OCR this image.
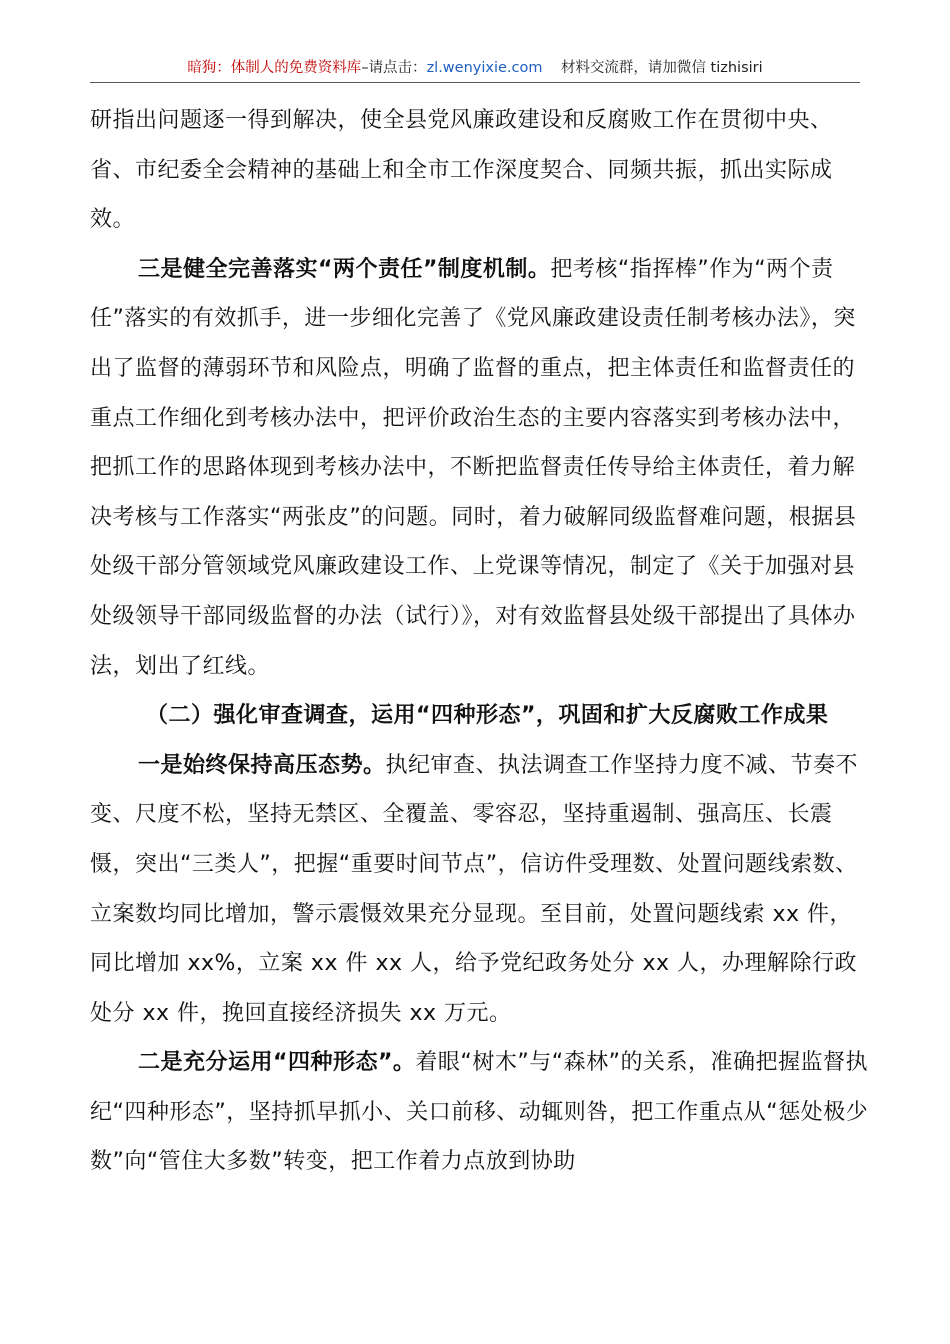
暗狗：体制人的免费资料库–请点击：zl.wenyixie.com 材料交流群，请加微信 tizhisiri

研指出问题逐一得到解决，使全县党风廉政建设和反腐败工作在贯彻中央、省、市纪委全会精神的基础上和全市工作深度契合、同频共振，抓出实际成效。

三是健全完善落实“两个责任”制度机制。把考核“指挥棒”作为“两个责任”落实的有效抓手，进一步细化完善了《党风廉政建设责任制考核办法》，突出了监督的薄弱环节和风险点，明确了监督的重点，把主体责任和监督责任的重点工作细化到考核办法中，把评价政治生态的主要内容落实到考核办法中，把抓工作的思路体现到考核办法中，不断把监督责任传导给主体责任，着力解决考核与工作落实“两张皮”的问题。同时，着力破解同级监督难问题，根据县处级干部分管领域党风廉政建设工作、上党课等情况，制定了《关于加强对县处级领导干部同级监督的办法（试行）》，对有效监督县处级干部提出了具体办法，划出了红线。

（二）强化审查调查，运用“四种形态”，巩固和扩大反腐败工作成果

一是始终保持高压态势。执纪审查、执法调查工作坚持力度不减、节奏不变、尺度不松，坚持无禁区、全覆盖、零容忍，坚持重遏制、强高压、长震慑，突出“三类人”，把握“重要时间节点”，信访件受理数、处置问题线索数、立案数均同比增加，警示震慑效果充分显现。至目前，处置问题线索 xx 件，同比增加 xx%，立案 xx 件 xx 人，给予党纪政务处分 xx 人，办理解除行政处分 xx 件，挽回直接经济损失 xx 万元。

二是充分运用“四种形态”。着眼“树木”与“森林”的关系，准确把握监督执纪“四种形态”，坚持抓早抓小、关口前移、动辄则咎，把工作重点从“惩处极少数”向“管住大多数”转变，把工作着力点放到协助
